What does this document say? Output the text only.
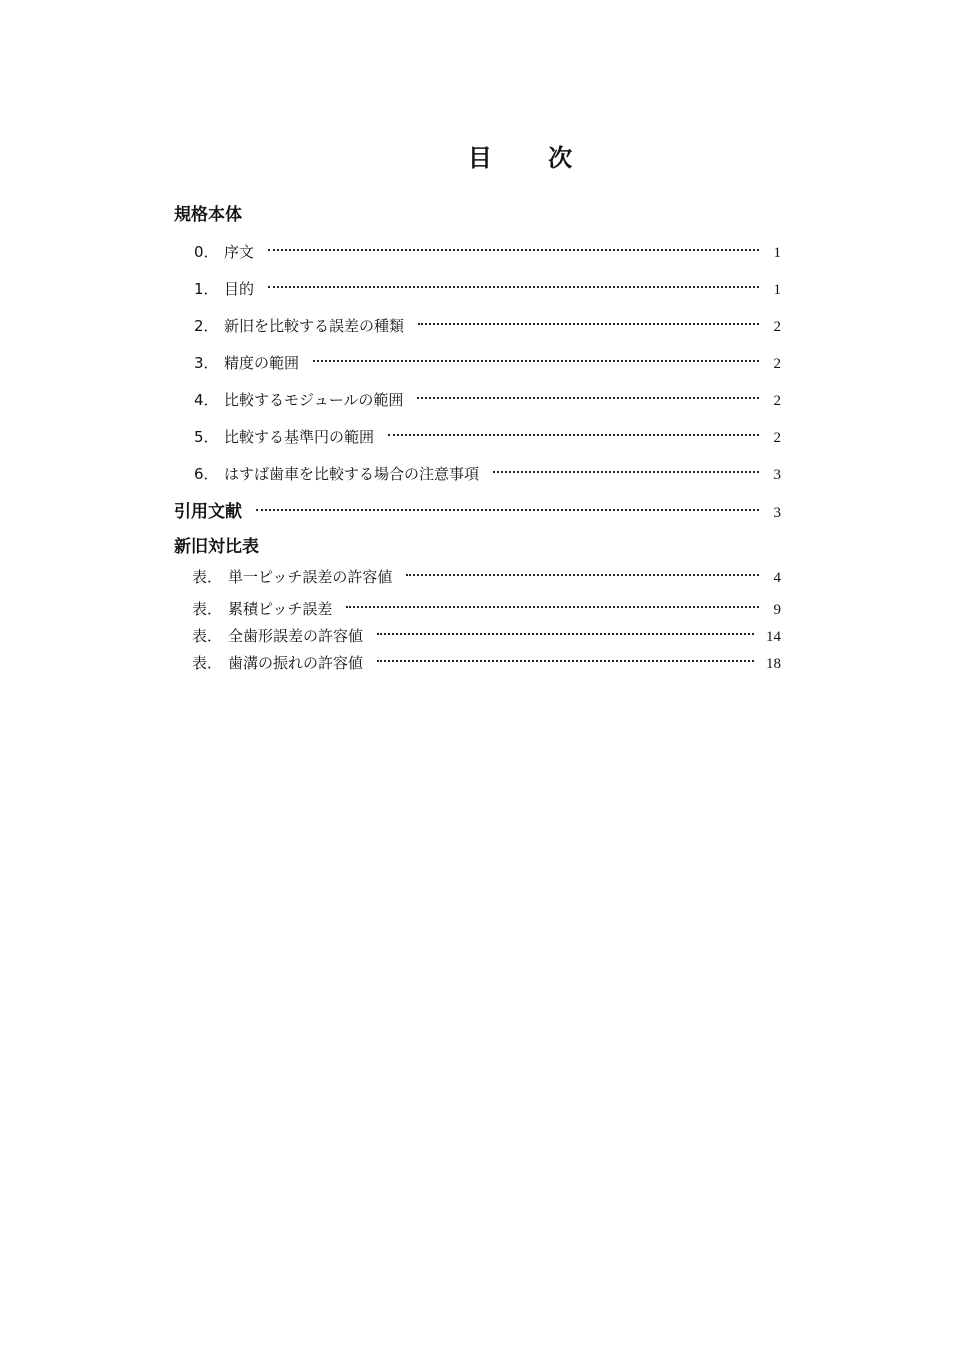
目 次
規格本体
0． 序文	1
1． 目的	1
2． 新旧を比較する誤差の種類	2
3． 精度の範囲	2
4． 比較するモジュールの範囲	2
5． 比較する基準円の範囲	2
6． はすば歯車を比較する場合の注意事項	3
引用文献	3
新旧対比表
表． 単一ピッチ誤差の許容値	4
表． 累積ピッチ誤差	9
表． 全歯形誤差の許容値	14
表． 歯溝の振れの許容値	18
